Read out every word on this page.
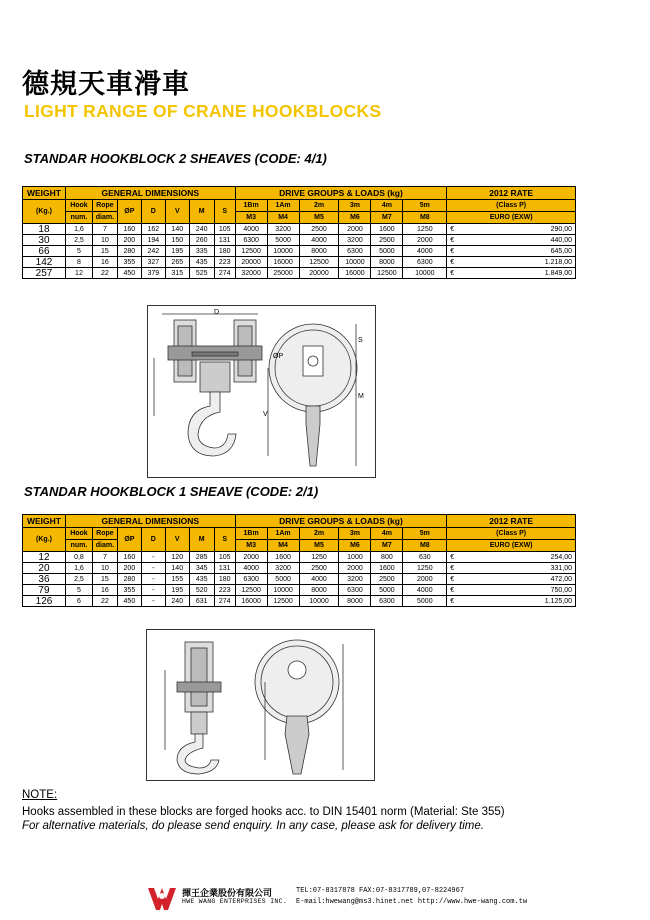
德規天車滑車
LIGHT RANGE OF CRANE HOOKBLOCKS
STANDAR HOOKBLOCK 2 SHEAVES (CODE: 4/1)
WEIGHT	GENERAL DIMENSIONS							DRIVE GROUPS & LOADS (kg)						2012 RATE	
(Kg.)	Hook	Rope	ØP	D	V	M	S	1Bm	1Am	2m	3m	4m	5m	(Class P)	
	num.	diam.						M3	M4	M5	M6	M7	M8	EURO (EXW)	
18	1,6	7	160	162	140	240	105	4000	3200	2500	2000	1600	1250	€	290,00
30	2,5	10	200	194	150	260	131	6300	5000	4000	3200	2500	2000	€	440,00
66	5	15	280	242	195	335	180	12500	10000	8000	6300	5000	4000	€	645,00
142	8	16	355	327	265	435	223	20000	16000	12500	10000	8000	6300	€	1.218,00
257	12	22	450	379	315	525	274	32000	25000	20000	16000	12500	10000	€	1.849,00
D
ØP
V
M
S
STANDAR HOOKBLOCK 1 SHEAVE (CODE: 2/1)
WEIGHT	GENERAL DIMENSIONS							DRIVE GROUPS & LOADS (kg)						2012 RATE	
(Kg.)	Hook	Rope	ØP	D	V	M	S	1Bm	1Am	2m	3m	4m	5m	(Class P)	
	num.	diam.						M3	M4	M5	M6	M7	M8	EURO (EXW)	
12	0,8	7	160	-	120	285	105	2000	1600	1250	1000	800	630	€	254,00
20	1,6	10	200	-	140	345	131	4000	3200	2500	2000	1600	1250	€	331,00
36	2,5	15	280	-	155	435	180	6300	5000	4000	3200	2500	2000	€	472,00
79	5	16	355	-	195	520	223	12500	10000	8000	6300	5000	4000	€	750,00
126	6	22	450	-	240	631	274	16000	12500	10000	8000	6300	5000	€	1.125,00
NOTE:
Hooks assembled in these blocks are forged hooks acc. to DIN 15401 norm (Material: Ste 355)
For alternative materials, do please send enquiry. In any case, please ask for delivery time.
揮王企業股份有限公司	TEL:07-8317878 FAX:07-8317789,07-8224967
HWE WANG ENTERPRISES INC. E-mail:hwewang@ms3.hinet.net http://www.hwe-wang.com.tw
